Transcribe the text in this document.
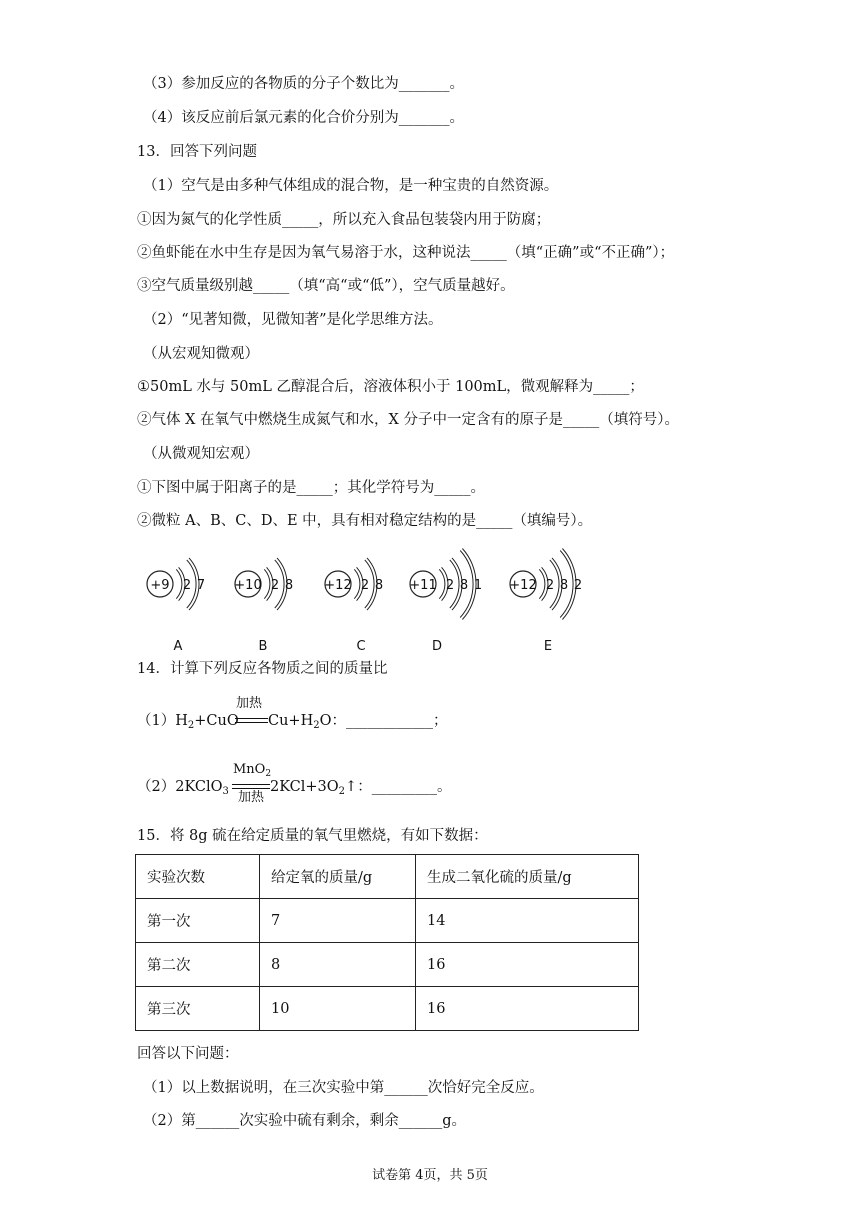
（3）参加反应的各物质的分子个数比为_______。
（4）该反应前后氯元素的化合价分别为_______。
13．回答下列问题
（1）空气是由多种气体组成的混合物，是一种宝贵的自然资源。
①因为氮气的化学性质_____，所以充入食品包装袋内用于防腐；
②鱼虾能在水中生存是因为氧气易溶于水，这种说法_____（填“正确”或“不正确”）；
③空气质量级别越_____（填“高“或“低”），空气质量越好。
（2）“见著知微，见微知著”是化学思维方法。
（从宏观知微观）
①50mL 水与 50mL 乙醇混合后，溶液体积小于 100mL，微观解释为_____；
②气体 X 在氧气中燃烧生成氮气和水，X 分子中一定含有的原子是_____（填符号）。
（从微观知宏观）
①下图中属于阳离子的是_____；其化学符号为_____。
②微粒 A、B、C、D、E 中，具有相对稳定结构的是_____（填编号）。
+9 2 7
A
+10 2 8
B
+12 2 8
C
+11 2 8 1
D
+12 2 8 2
E
14．计算下列反应各物质之间的质量比
加热
$(1)H_2+CuO$ $Cu+H_2O$：____________；
MnO$_2$
（2）2KClO$_3$	$2KCl+3O_2↑$：_________。
加热
15．将 8g 硫在给定质量的氧气里燃烧，有如下数据：
实验次数	给定氧的质量/g	生成二氧化硫的质量/g
第一次	7	14
第二次	8	16
第三次	10	16
回答以下问题：
（1）以上数据说明，在三次实验中第______次恰好完全反应。
（2）第______次实验中硫有剩余，剩余______g。
试卷第 4页，共 5页
